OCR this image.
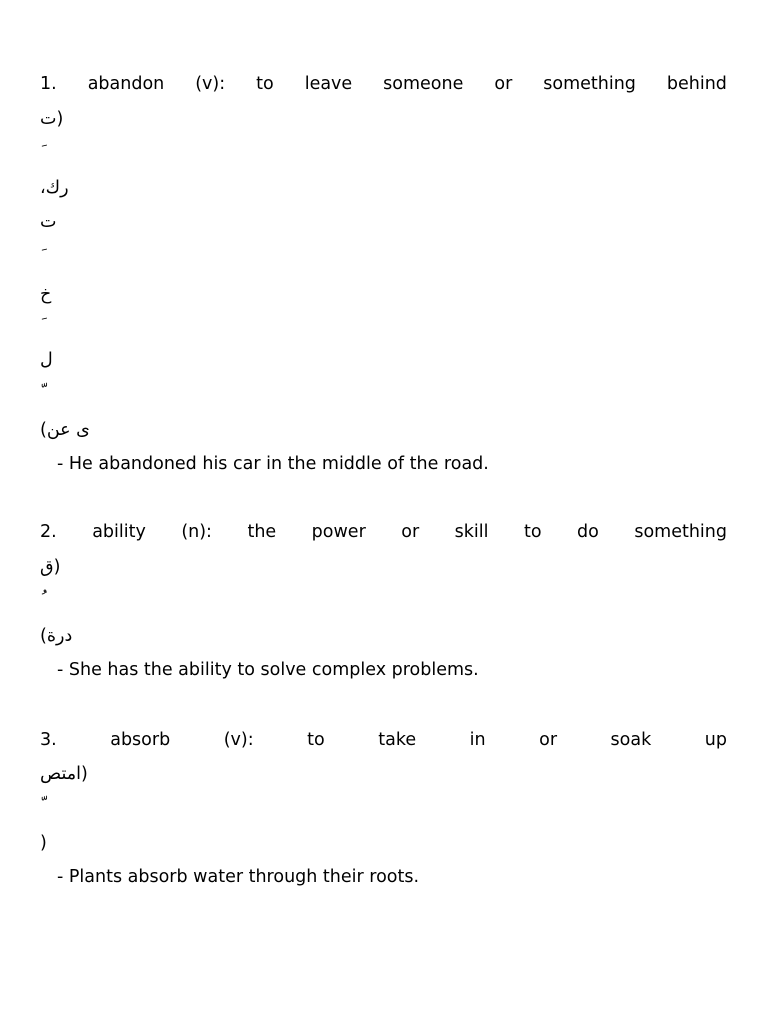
1. abandon (v): to leave someone or something behind
(ت
رك،
ت
خ
ل
ى عن)
- He abandoned his car in the middle of the road.
2. ability (n): the power or skill to do something
(ق
درة)
- She has the ability to solve complex problems.
3.	absorb	(v):	to	take	in	or	soak	up
(امتص
)
- Plants absorb water through their roots.
